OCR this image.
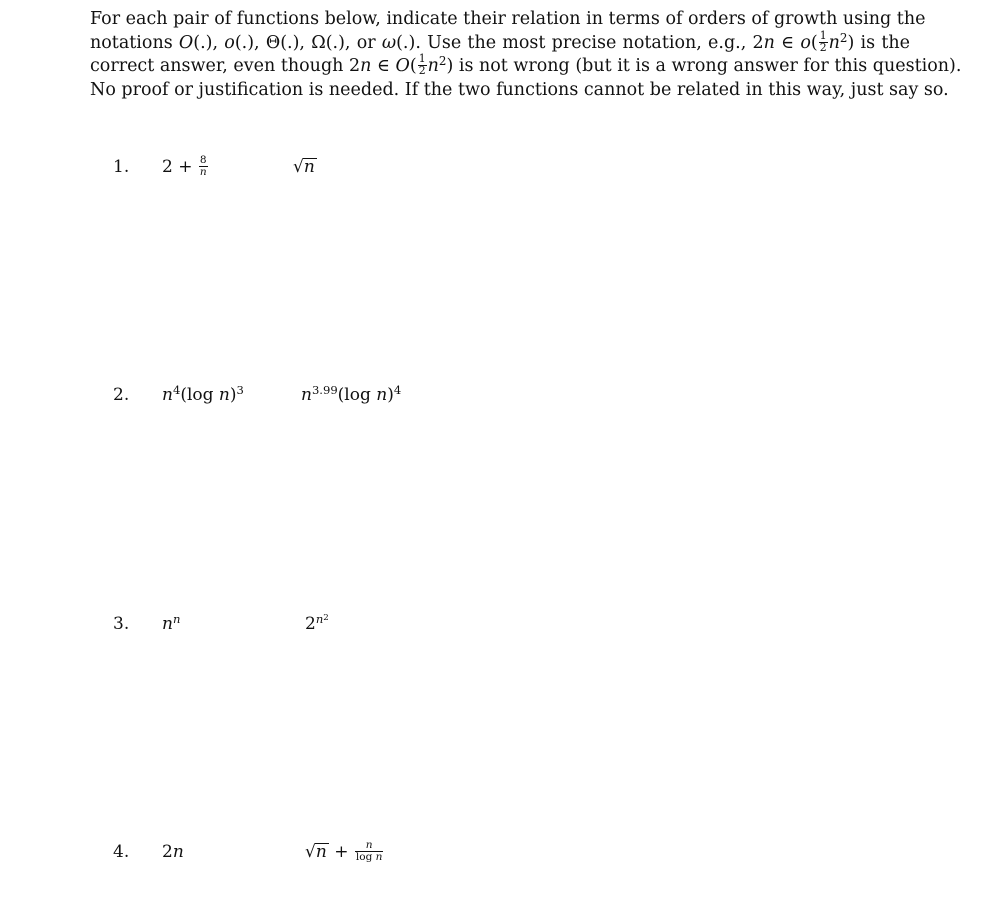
For each pair of functions below, indicate their relation in terms of orders of growth using the
notations O(.), o(.), Θ(.), Ω(.), or ω(.). Use the most precise notation, e.g., 2n ∈ $o( \frac{1}{2} n^2)$ is the
correct answer, even though 2n ∈ $O( \frac{1}{2} n^2)$ is not wrong (but it is a wrong answer for this question).
No proof or justification is needed. If the two functions cannot be related in this way, just say so.
1. $2 + \frac{8}{n}$	√n
2. $n^4(\log$ n)$^3$	$n^{3.99}(\log$ n)$^4$
3. $n^n$	$2^{n^2}$
4. 2n	$√n + \frac{n}{\text{log n}}$
